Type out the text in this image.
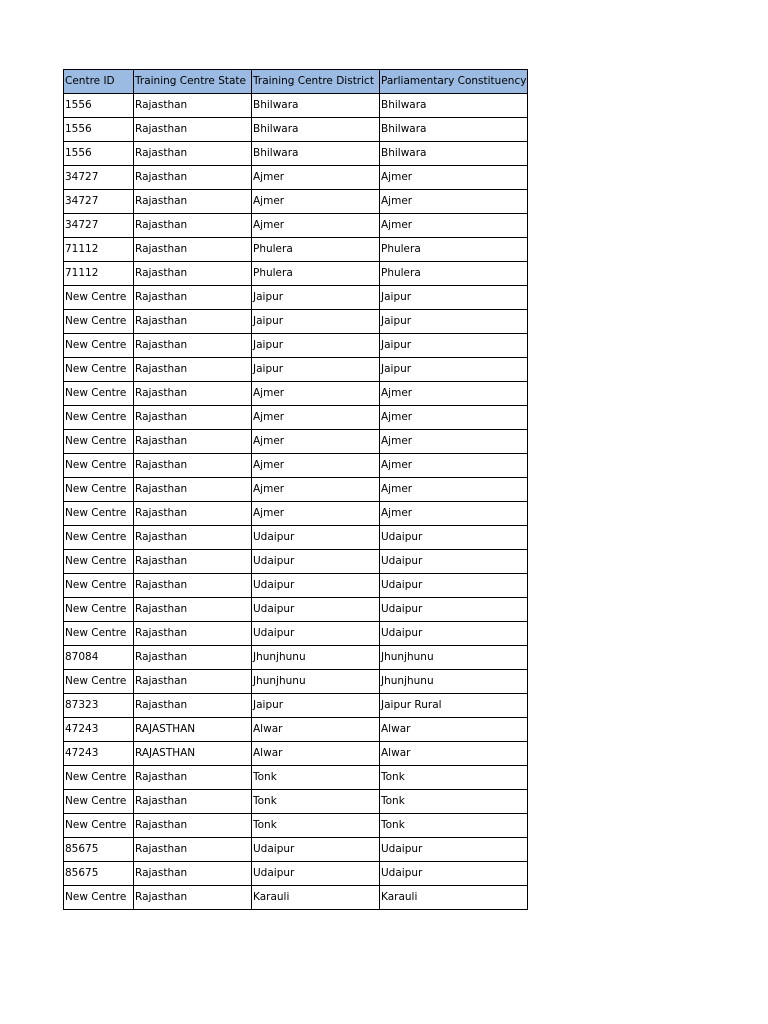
Centre ID	Training Centre State	Training Centre District	Parliamentary Constituency
1556	Rajasthan	Bhilwara	Bhilwara
1556	Rajasthan	Bhilwara	Bhilwara
1556	Rajasthan	Bhilwara	Bhilwara
34727	Rajasthan	Ajmer	Ajmer
34727	Rajasthan	Ajmer	Ajmer
34727	Rajasthan	Ajmer	Ajmer
71112	Rajasthan	Phulera	Phulera
71112	Rajasthan	Phulera	Phulera
New Centre	Rajasthan	Jaipur	Jaipur
New Centre	Rajasthan	Jaipur	Jaipur
New Centre	Rajasthan	Jaipur	Jaipur
New Centre	Rajasthan	Jaipur	Jaipur
New Centre	Rajasthan	Ajmer	Ajmer
New Centre	Rajasthan	Ajmer	Ajmer
New Centre	Rajasthan	Ajmer	Ajmer
New Centre	Rajasthan	Ajmer	Ajmer
New Centre	Rajasthan	Ajmer	Ajmer
New Centre	Rajasthan	Ajmer	Ajmer
New Centre	Rajasthan	Udaipur	Udaipur
New Centre	Rajasthan	Udaipur	Udaipur
New Centre	Rajasthan	Udaipur	Udaipur
New Centre	Rajasthan	Udaipur	Udaipur
New Centre	Rajasthan	Udaipur	Udaipur
87084	Rajasthan	Jhunjhunu	Jhunjhunu
New Centre	Rajasthan	Jhunjhunu	Jhunjhunu
87323	Rajasthan	Jaipur	Jaipur Rural
47243	RAJASTHAN	Alwar	Alwar
47243	RAJASTHAN	Alwar	Alwar
New Centre	Rajasthan	Tonk	Tonk
New Centre	Rajasthan	Tonk	Tonk
New Centre	Rajasthan	Tonk	Tonk
85675	Rajasthan	Udaipur	Udaipur
85675	Rajasthan	Udaipur	Udaipur
New Centre	Rajasthan	Karauli	Karauli
